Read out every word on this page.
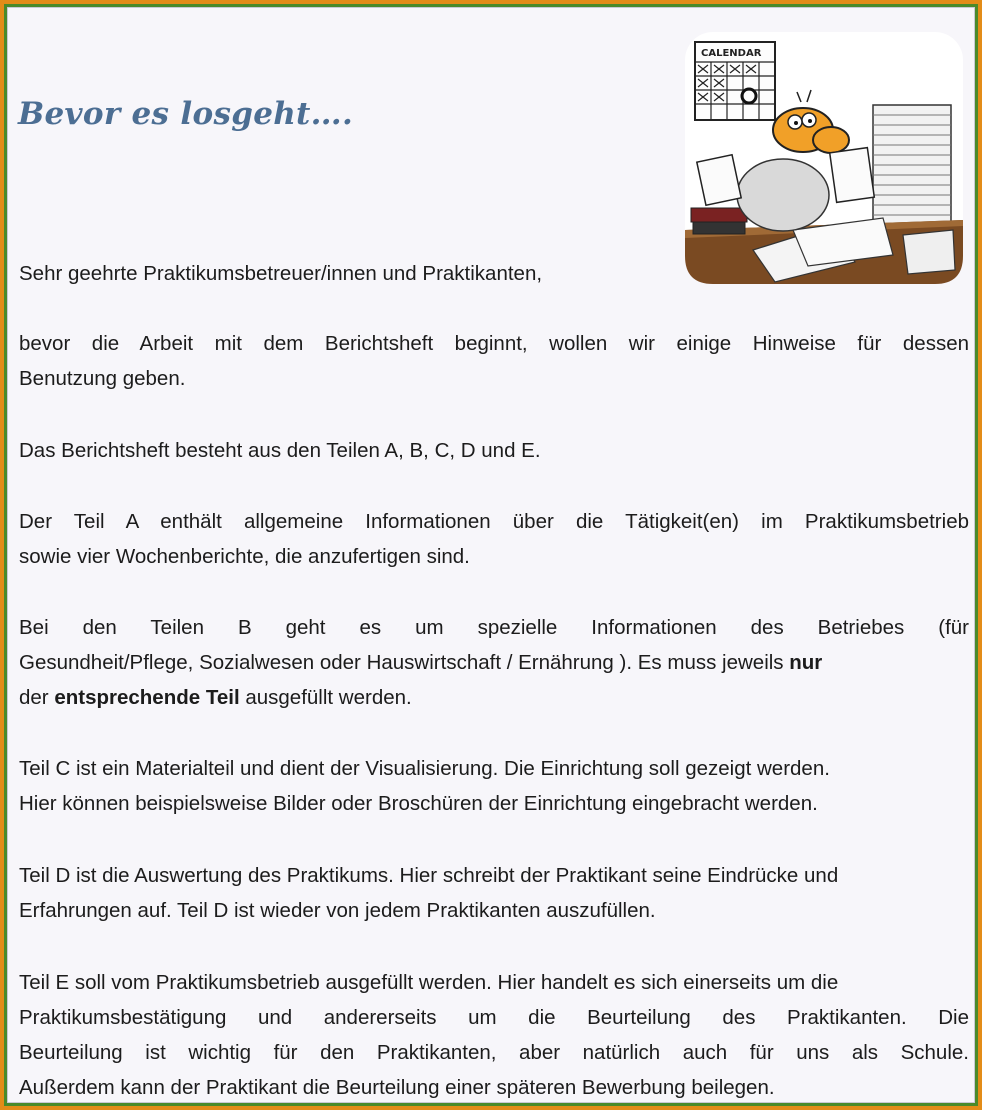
Bevor es losgeht….
CALENDAR

Sehr geehrte Praktikumsbetreuer/innen und Praktikanten,

bevor die Arbeit mit dem Berichtsheft beginnt, wollen wir einige Hinweise für dessen
Benutzung geben.

Das Berichtsheft besteht aus den Teilen A, B, C, D und E.

Der Teil A enthält allgemeine Informationen über die Tätigkeit(en) im Praktikumsbetrieb
sowie vier Wochenberichte, die anzufertigen sind.

Bei den Teilen B geht es um spezielle Informationen des Betriebes (für
Gesundheit/Pflege, Sozialwesen oder Hauswirtschaft / Ernährung ). Es muss jeweils nur
der entsprechende Teil ausgefüllt werden.

Teil C ist ein Materialteil und dient der Visualisierung. Die Einrichtung soll gezeigt werden.
Hier können beispielsweise Bilder oder Broschüren der Einrichtung eingebracht werden.

Teil D ist die Auswertung des Praktikums. Hier schreibt der Praktikant seine Eindrücke und
Erfahrungen auf. Teil D ist wieder von jedem Praktikanten auszufüllen.

Teil E soll vom Praktikumsbetrieb ausgefüllt werden. Hier handelt es sich einerseits um die
Praktikumsbestätigung und andererseits um die Beurteilung des Praktikanten. Die
Beurteilung ist wichtig für den Praktikanten, aber natürlich auch für uns als Schule.
Außerdem kann der Praktikant die Beurteilung einer späteren Bewerbung beilegen.
